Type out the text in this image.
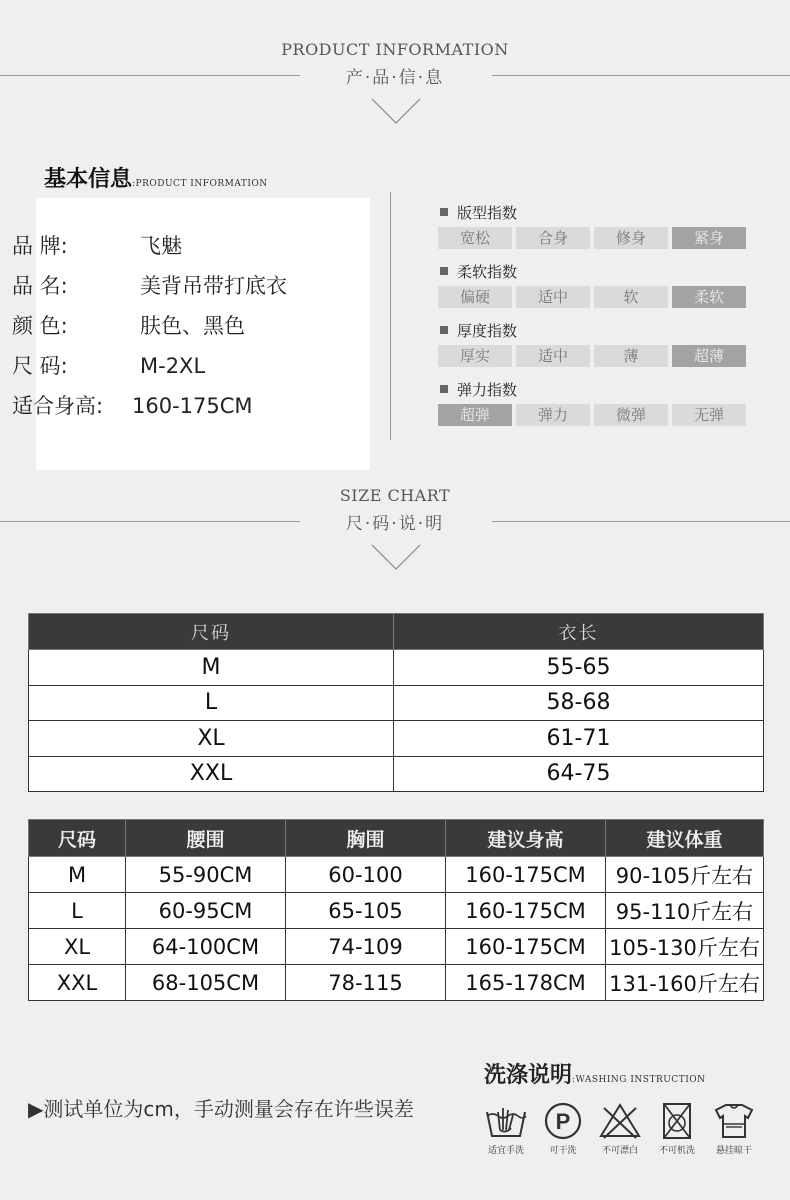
PRODUCT INFORMATION
产·品·信·息
基本信息:PRODUCT INFORMATION
品 牌:	飞魅
品 名:	美背吊带打底衣
颜 色:	肤色、黑色
尺 码:	M-2XL
适合身高: 160-175CM
版型指数
宽松	合身	修身	紧身
柔软指数
偏硬	适中	软	柔软
厚度指数
厚实	适中	薄	超薄
弹力指数
超弹	弹力	微弹	无弹
SIZE CHART
尺·码·说·明
尺码	衣长
M	55-65
L	58-68
XL	61-71
XXL	64-75
尺码	腰围	胸围	建议身高	建议体重
M	55-90CM	60-100	160-175CM	90-105斤左右
L	60-95CM	65-105	160-175CM	95-110斤左右
XL	64-100CM	74-109	160-175CM	105-130斤左右
XXL	68-105CM	78-115	165-178CM	131-160斤左右
▶测试单位为cm，手动测量会存在许些误差
洗涤说明:WASHING INSTRUCTION
适宜手洗
P
可干洗	不可漂白	不可机洗	悬挂晾干
